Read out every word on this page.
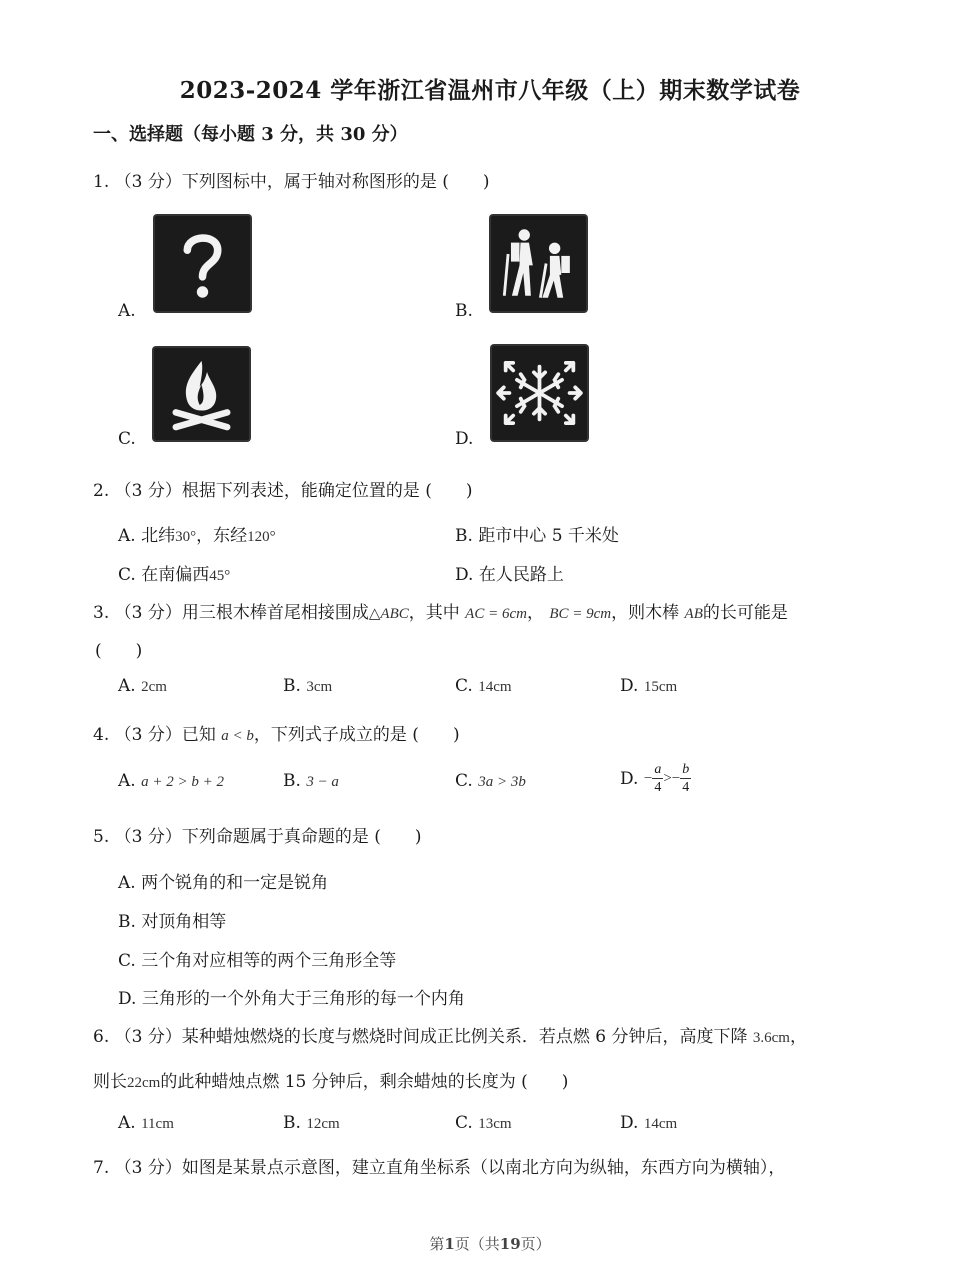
2023-2024 学年浙江省温州市八年级（上）期末数学试卷
一、选择题（每小题 3 分，共 30 分）
1. （3 分）下列图标中，属于轴对称图形的是 (　　)
A.	B.
C.	D.
2. （3 分）根据下列表述，能确定位置的是 (　　)
A. 北纬30°，东经120°	B. 距市中心 5 千米处
C. 在南偏西45°	D. 在人民路上
3. （3 分）用三根木棒首尾相接围成△ABC，其中 AC = 6cm， BC = 9cm，则木棒 AB的长可能是
(　　)
A. 2cm	B. 3cm	C. 14cm	D. 15cm
4. （3 分）已知 a < b，下列式子成立的是 (　　)
A. a + 2 > b + 2	B. 3 − a	C. 3a > 3b	D. − $\frac{a}{4} >- \frac{b}{4}$
5. （3 分）下列命题属于真命题的是 (　　)
A. 两个锐角的和一定是锐角
B. 对顶角相等
C. 三个角对应相等的两个三角形全等
D. 三角形的一个外角大于三角形的每一个内角
6. （3 分）某种蜡烛燃烧的长度与燃烧时间成正比例关系．若点燃 6 分钟后，高度下降 3.6cm，
则长22cm的此种蜡烛点燃 15 分钟后，剩余蜡烛的长度为 (　　)
A. 11cm	B. 12cm	C. 13cm	D. 14cm
7. （3 分）如图是某景点示意图，建立直角坐标系（以南北方向为纵轴，东西方向为横轴），
第1页（共19页）
